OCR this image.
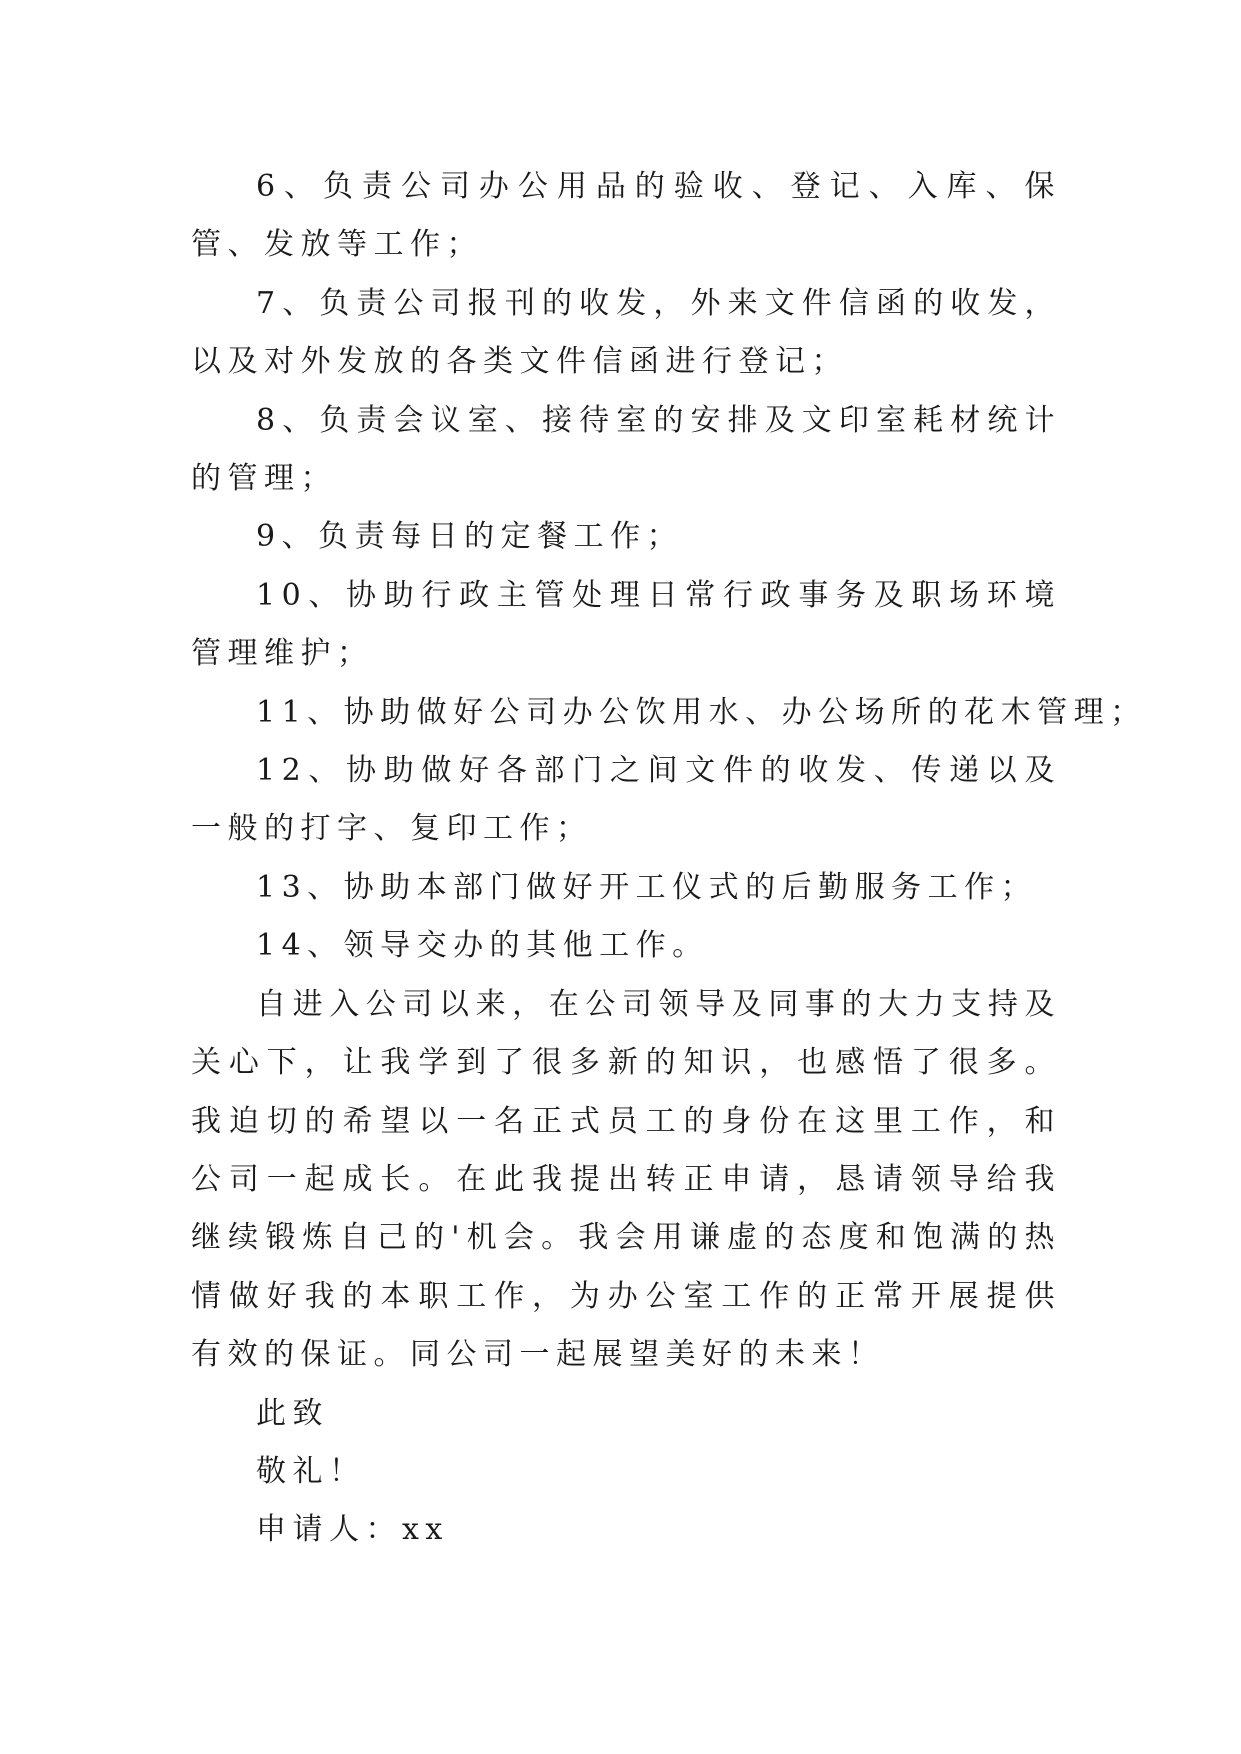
6、负责公司办公用品的验收、登记、入库、保管、发放等工作；

7、负责公司报刊的收发，外来文件信函的收发，以及对外发放的各类文件信函进行登记；

8、负责会议室、接待室的安排及文印室耗材统计的管理；

9、负责每日的定餐工作；

10、协助行政主管处理日常行政事务及职场环境管理维护；

11、协助做好公司办公饮用水、办公场所的花木管理；

12、协助做好各部门之间文件的收发、传递以及一般的打字、复印工作；

13、协助本部门做好开工仪式的后勤服务工作；

14、领导交办的其他工作。

自进入公司以来，在公司领导及同事的大力支持及关心下，让我学到了很多新的知识，也感悟了很多。我迫切的希望以一名正式员工的身份在这里工作，和公司一起成长。在此我提出转正申请，恳请领导给我继续锻炼自己的'机会。我会用谦虚的态度和饱满的热情做好我的本职工作，为办公室工作的正常开展提供有效的保证。同公司一起展望美好的未来！

此致

敬礼！

申请人：xx
